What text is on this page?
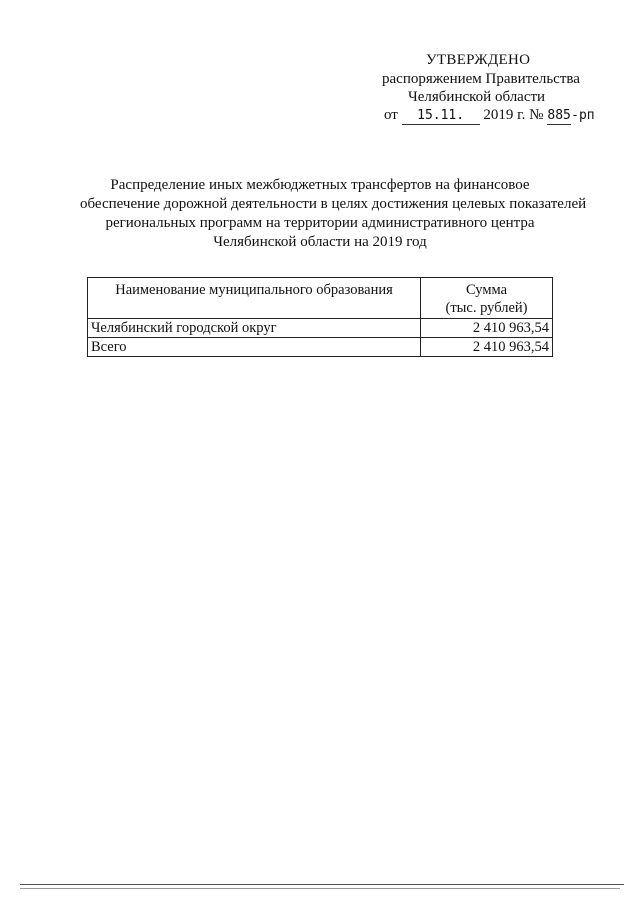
УТВЕРЖДЕНО
распоряжением Правительства
Челябинской области
от 15.11. 2019 г. № 885-рп
Распределение иных межбюджетных трансфертов на финансовое
обеспечение дорожной деятельности в целях достижения целевых показателей
региональных программ на территории административного центра
Челябинской области на 2019 год
Наименование муниципального образования	Сумма
(тыс. рублей)

Челябинский городской округ	2 410 963,54
Всего	2 410 963,54
